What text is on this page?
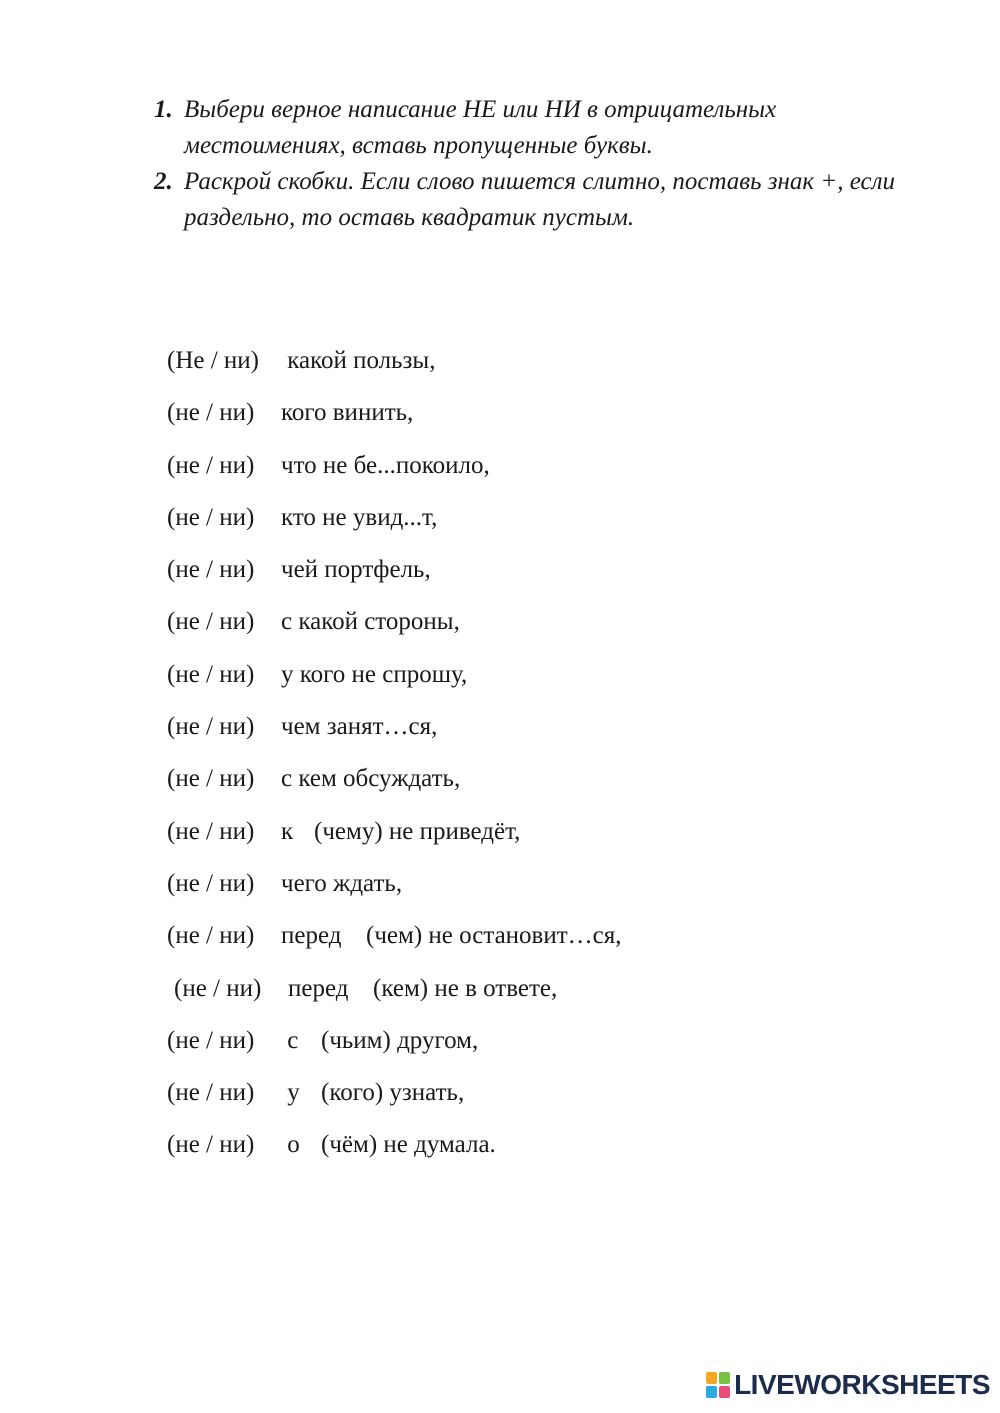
1. Выбери верное написание НЕ или НИ в отрицательных местоимениях, вставь пропущенные буквы.
2. Раскрой скобки. Если слово пишется слитно, поставь знак +, если раздельно, то оставь квадратик пустым.

(Не / ни) какой пользы,

(не / ни) кого винить,

(не / ни) что не бе...покоило,

(не / ни) кто не увид...т,

(не / ни) чей портфель,

(не / ни) с какой стороны,

(не / ни) у кого не спрошу,

(не / ни) чем занят…ся,

(не / ни) с кем обсуждать,

(не / ни) к (чему) не приведёт,

(не / ни) чего ждать,

(не / ни) перед (чем) не остановит…ся,

(не / ни) перед (кем) не в ответе,

(не / ни) с (чьим) другом,

(не / ни) у (кого) узнать,

(не / ни) о (чём) не думала.

LIVEWORKSHEETS
